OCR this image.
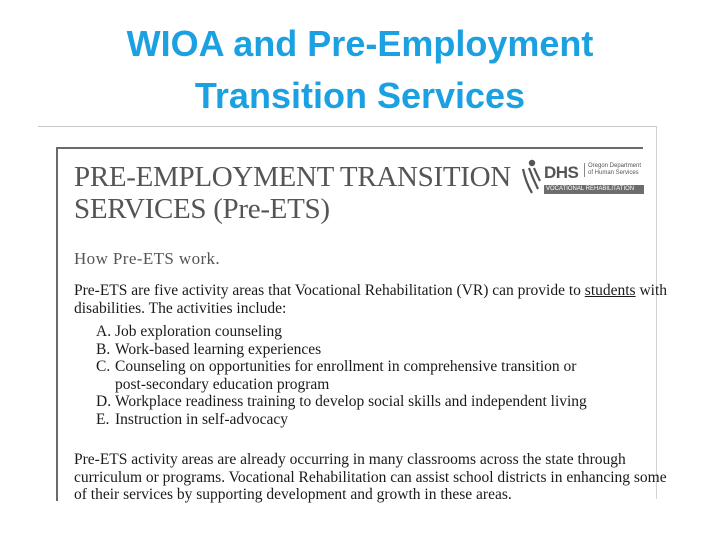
WIOA and Pre-Employment
Transition Services
PRE-EMPLOYMENT TRANSITION
SERVICES (Pre-ETS)
DHS Oregon Department
of Human Services
VOCATIONAL REHABILITATION
How Pre-ETS work.
Pre-ETS are five activity areas that Vocational Rehabilitation (VR) can provide to students with
disabilities. The activities include:
A. Job exploration counseling
B. Work-based learning experiences
C. Counseling on opportunities for enrollment in comprehensive transition or
post-secondary education program
D. Workplace readiness training to develop social skills and independent living
E. Instruction in self-advocacy
Pre-ETS activity areas are already occurring in many classrooms across the state through
curriculum or programs. Vocational Rehabilitation can assist school districts in enhancing some
of their services by supporting development and growth in these areas.
